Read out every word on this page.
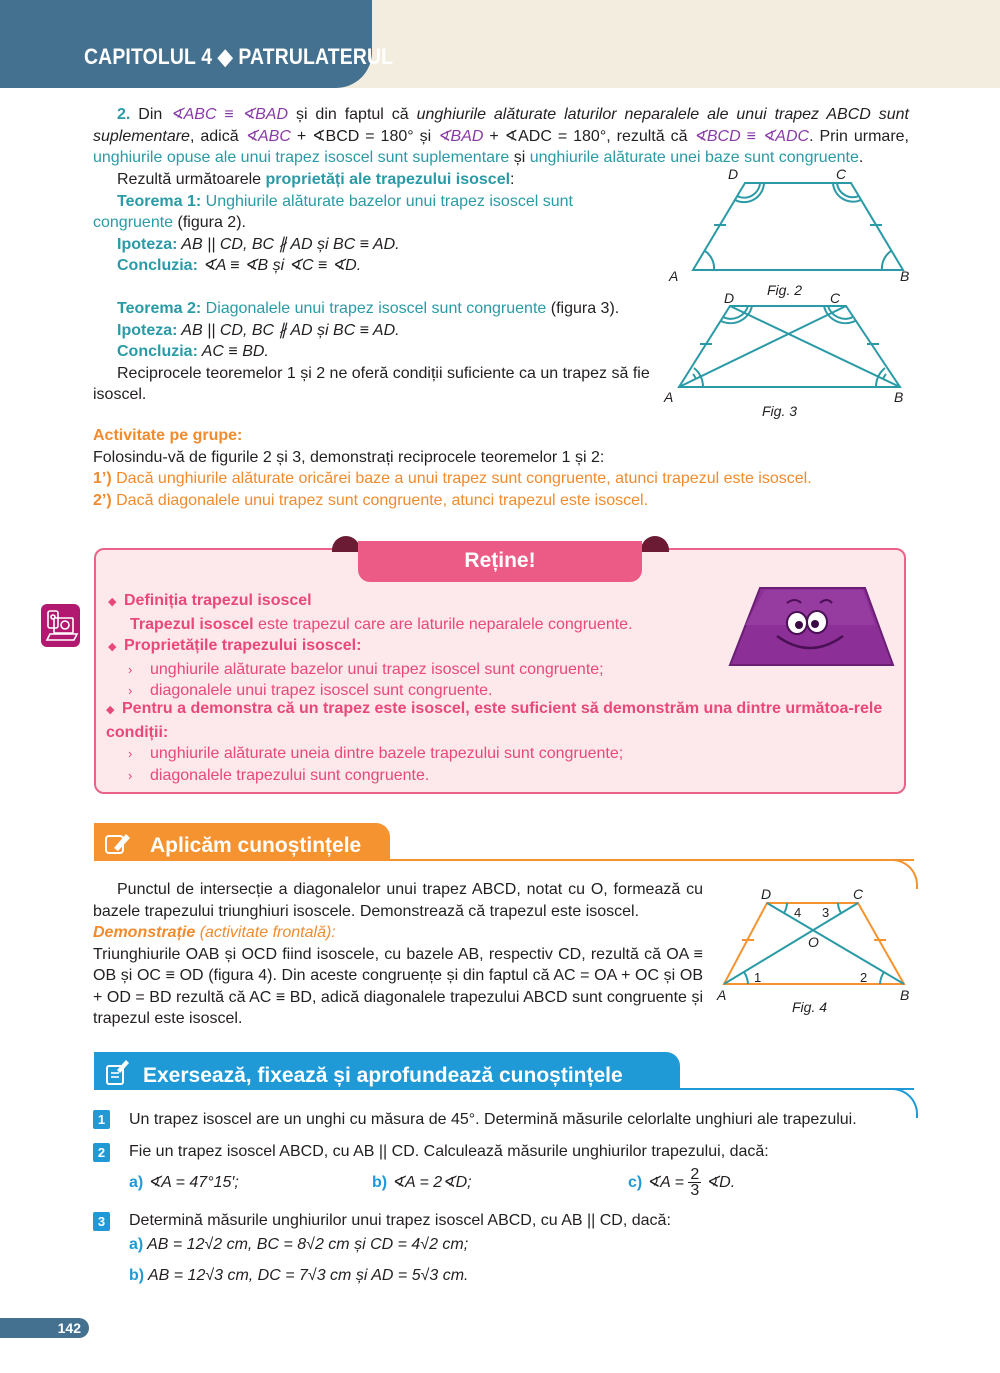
CAPITOLUL 4 ◆ PATRULATERUL
2. Din ∢ABC ≡ ∢BAD și din faptul că unghiurile alăturate laturilor neparalele ale unui trapez ABCD sunt suplementare, adică ∢ABC + ∢BCD = 180° și ∢BAD + ∢ADC = 180°, rezultă că ∢BCD ≡ ∢ADC. Prin urmare, unghiurile opuse ale unui trapez isoscel sunt suplementare și unghiurile alăturate unei baze sunt congruente.
Rezultă următoarele proprietăți ale trapezului isoscel:
Teorema 1: Unghiurile alăturate bazelor unui trapez isoscel sunt congruente (figura 2).
Ipoteza: AB || CD, BC ∦ AD și BC ≡ AD.
Concluzia: ∢A ≡ ∢B și ∢C ≡ ∢D.
Teorema 2: Diagonalele unui trapez isoscel sunt congruente (figura 3).
Ipoteza: AB || CD, BC ∦ AD și BC ≡ AD.
Concluzia: AC ≡ BD.
Reciprocele teoremelor 1 și 2 ne oferă condiții suficiente ca un trapez să fie isoscel.
D	C
A	B
Fig. 2
D	C
A	B
Fig. 3
Activitate pe grupe:
Folosindu-vă de figurile 2 și 3, demonstrați reciprocele teoremelor 1 și 2:
1’) Dacă unghiurile alăturate oricărei baze a unui trapez sunt congruente, atunci trapezul este isoscel.
2’) Dacă diagonalele unui trapez sunt congruente, atunci trapezul este isoscel.
Reține!
◆ Definiția trapezul isoscel
Trapezul isoscel este trapezul care are laturile neparalele congruente.
◆ Proprietățile trapezului isoscel:
› unghiurile alăturate bazelor unui trapez isoscel sunt congruente;
› diagonalele unui trapez isoscel sunt congruente.
◆ Pentru a demonstra că un trapez este isoscel, este suficient să demonstrăm una dintre următoa-rele condiții:
› unghiurile alăturate uneia dintre bazele trapezului sunt congruente;
› diagonalele trapezului sunt congruente.
Aplicăm cunoștințele
Punctul de intersecție a diagonalelor unui trapez ABCD, notat cu O, formează cu bazele trapezului triunghiuri isoscele. Demonstrează că trapezul este isoscel.
Demonstrație (activitate frontală):
Triunghiurile OAB și OCD fiind isoscele, cu bazele AB, respectiv CD, rezultă că OA ≡ OB și OC ≡ OD (figura 4). Din aceste congruențe și din faptul că AC = OA + OC și OB + OD = BD rezultă că AC ≡ BD, adică diagonalele trapezului ABCD sunt congruente și trapezul este isoscel.
D	C
A	B
O
1	2
3
4
Fig. 4
Exersează, fixează și aprofundează cunoștințele
1	Un trapez isoscel are un unghi cu măsura de 45°. Determină măsurile celorlalte unghiuri ale trapezului.
2	Fie un trapez isoscel ABCD, cu AB || CD. Calculează măsurile unghiurilor trapezului, dacă:
a) ∢A = 47°15′;	b) ∢A = 2∢D;	c) ∢A = $\frac{2}{3}$ ∢D.
3	Determină măsurile unghiurilor unui trapez isoscel ABCD, cu AB || CD, dacă:
a) AB = 12√2 cm, BC = 8√2 cm și CD = 4√2 cm;
b) AB = 12√3 cm, DC = 7√3 cm și AD = 5√3 cm.
142
